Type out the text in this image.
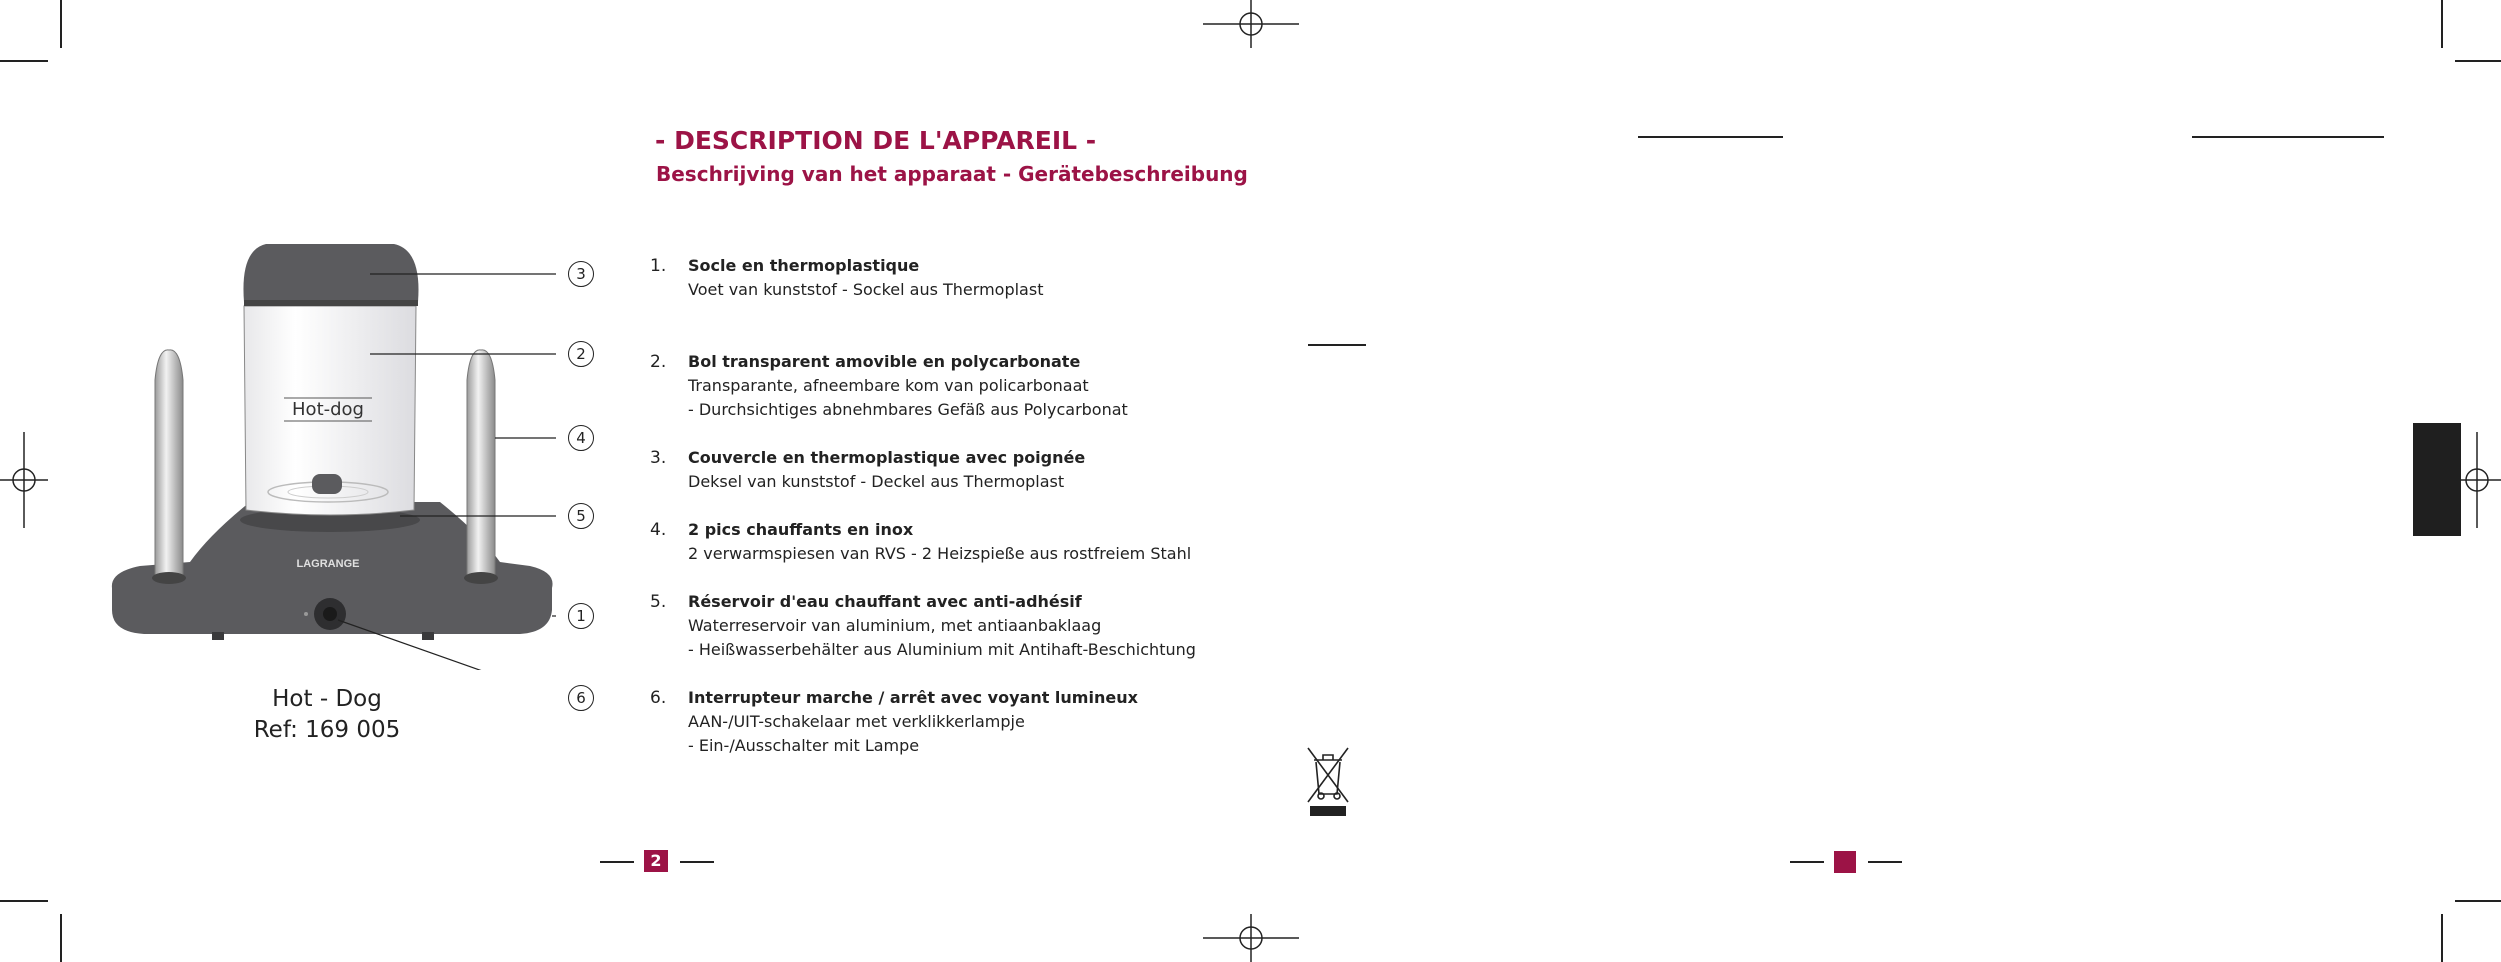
- DESCRIPTION DE L'APPAREIL -
Beschrijving van het apparaat - Gerätebeschreibung
LAGRANGE
Hot-dog
3
2
4
5
1
6
Hot - Dog
Ref: 169 005
1.	Socle en thermoplastique
Voet van kunststof - Sockel aus Thermoplast
2.	Bol transparent amovible en polycarbonate
Transparante, afneembare kom van policarbonaat
- Durchsichtiges abnehmbares Gefäß aus Polycarbonat
3.	Couvercle en thermoplastique avec poignée
Deksel van kunststof - Deckel aus Thermoplast
4.	2 pics chauffants en inox
2 verwarmspiesen van RVS - 2 Heizspieße aus rostfreiem Stahl
5.	Réservoir d'eau chauffant avec anti-adhésif
Waterreservoir van aluminium, met antiaanbaklaag
- Heißwasserbehälter aus Aluminium mit Antihaft-Beschichtung
6.	Interrupteur marche / arrêt avec voyant lumineux
AAN-/UIT-schakelaar met verklikkerlampje
- Ein-/Ausschalter mit Lampe
2
